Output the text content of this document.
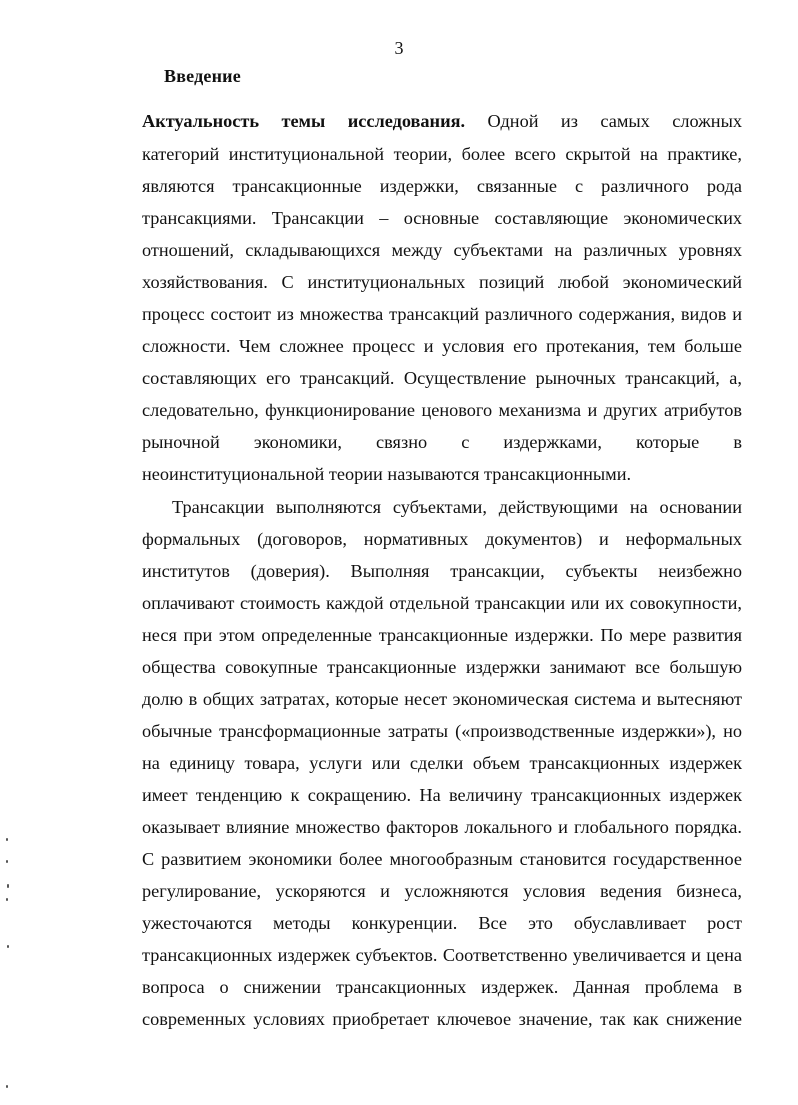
3
Введение
Актуальность темы исследования. Одной из самых сложных
категорий институциональной теории, более всего скрытой на практике,
являются трансакционные издержки, связанные с различного рода
трансакциями. Трансакции – основные составляющие экономических
отношений, складывающихся между субъектами на различных уровнях
хозяйствования. С институциональных позиций любой экономический
процесс состоит из множества трансакций различного содержания, видов и
сложности. Чем сложнее процесс и условия его протекания, тем больше
составляющих его трансакций. Осуществление рыночных трансакций, а,
следовательно, функционирование ценового механизма и других атрибутов
рыночной экономики, связно с издержками, которые в
неоинституциональной теории называются трансакционными.
Трансакции выполняются субъектами, действующими на основании
формальных (договоров, нормативных документов) и неформальных
институтов (доверия). Выполняя трансакции, субъекты неизбежно
оплачивают стоимость каждой отдельной трансакции или их совокупности,
неся при этом определенные трансакционные издержки. По мере развития
общества совокупные трансакционные издержки занимают все большую
долю в общих затратах, которые несет экономическая система и вытесняют
обычные трансформационные затраты («производственные издержки»), но
на единицу товара, услуги или сделки объем трансакционных издержек
имеет тенденцию к сокращению. На величину трансакционных издержек
оказывает влияние множество факторов локального и глобального порядка.
С развитием экономики более многообразным становится государственное
регулирование, ускоряются и усложняются условия ведения бизнеса,
ужесточаются методы конкуренции. Все это обуславливает рост
трансакционных издержек субъектов. Соответственно увеличивается и цена
вопроса о снижении трансакционных издержек. Данная проблема в
современных условиях приобретает ключевое значение, так как снижение
